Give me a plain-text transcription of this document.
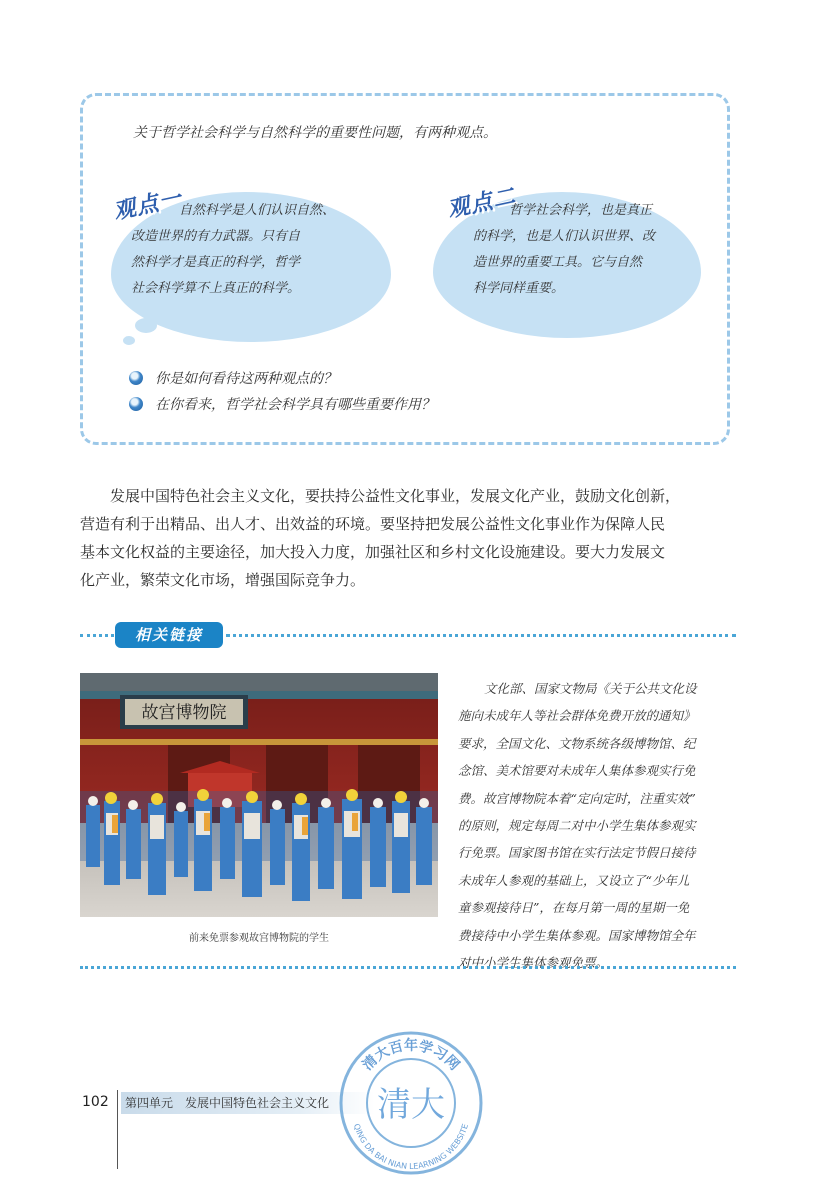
关于哲学社会科学与自然科学的重要性问题，有两种观点。
观点一

自然科学是人们认识自然、
改造世界的有力武器。只有自
然科学才是真正的科学，哲学
社会科学算不上真正的科学。

观点二

哲学社会科学，也是真正
的科学，也是人们认识世界、改
造世界的重要工具。它与自然
科学同样重要。

你是如何看待这两种观点的？
在你看来，哲学社会科学具有哪些重要作用？

发展中国特色社会主义文化，要扶持公益性文化事业，发展文化产业，鼓励文化创新，
营造有利于出精品、出人才、出效益的环境。要坚持把发展公益性文化事业作为保障人民
基本文化权益的主要途径，加大投入力度，加强社区和乡村文化设施建设。要大力发展文
化产业，繁荣文化市场，增强国际竞争力。

相关链接
故宫博物院
前来免票参观故宫博物院的学生

文化部、国家文物局《关于公共文化设
施向未成年人等社会群体免费开放的通知》
要求，全国文化、文物系统各级博物馆、纪
念馆、美术馆要对未成年人集体参观实行免
费。故宫博物院本着“定向定时，注重实效”
的原则，规定每周二对中小学生集体参观实
行免票。国家图书馆在实行法定节假日接待
未成年人参观的基础上，又设立了“少年儿
童参观接待日”，在每月第一周的星期一免
费接待中小学生集体参观。国家博物馆全年
对中小学生集体参观免票。

102	第四单元　发展中国特色社会主义文化
清大百年学习网
QING DA BAI NIAN LEARNING WEBSITE
清大
